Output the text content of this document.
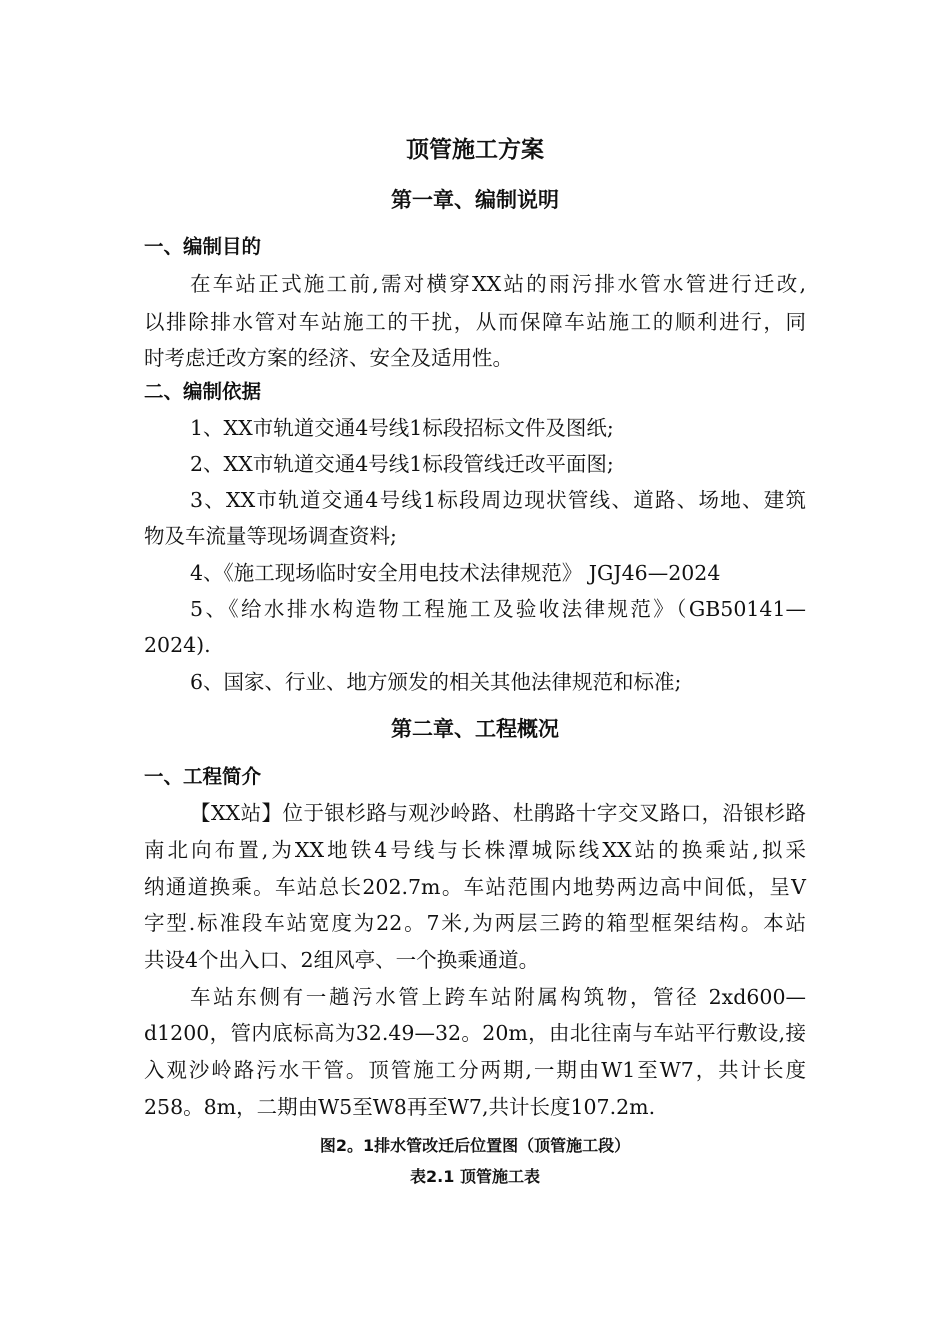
顶管施工方案
第一章、编制说明
一、编制目的
在车站正式施工前,需对横穿XX站的雨污排水管水管进行迁改,
以排除排水管对车站施工的干扰，从而保障车站施工的顺利进行，同
时考虑迁改方案的经济、安全及适用性。
二、编制依据
1、XX市轨道交通4号线1标段招标文件及图纸;
2、XX市轨道交通4号线1标段管线迁改平面图;
3、XX市轨道交通4号线1标段周边现状管线、道路、场地、建筑
物及车流量等现场调查资料;
4、《施工现场临时安全用电技术法律规范》 JGJ46—2024
5、《给水排水构造物工程施工及验收法律规范》（GB50141—
2024).
6、国家、行业、地方颁发的相关其他法律规范和标准;
第二章、工程概况
一、工程简介
【XX站】位于银杉路与观沙岭路、杜鹃路十字交叉路口，沿银杉路
南北向布置,为XX地铁4号线与长株潭城际线XX站的换乘站,拟采
纳通道换乘。车站总长202.7m。车站范围内地势两边高中间低，呈V
字型.标准段车站宽度为22。7米,为两层三跨的箱型框架结构。本站
共设4个出入口、2组风亭、一个换乘通道。
车站东侧有一趟污水管上跨车站附属构筑物，管径 2xd600—
d1200，管内底标高为32.49—32。20m，由北往南与车站平行敷设,接
入观沙岭路污水干管。顶管施工分两期,一期由W1至W7，共计长度
258。8m，二期由W5至W8再至W7,共计长度107.2m.
图2。1排水管改迁后位置图（顶管施工段）
表2.1 顶管施工表
